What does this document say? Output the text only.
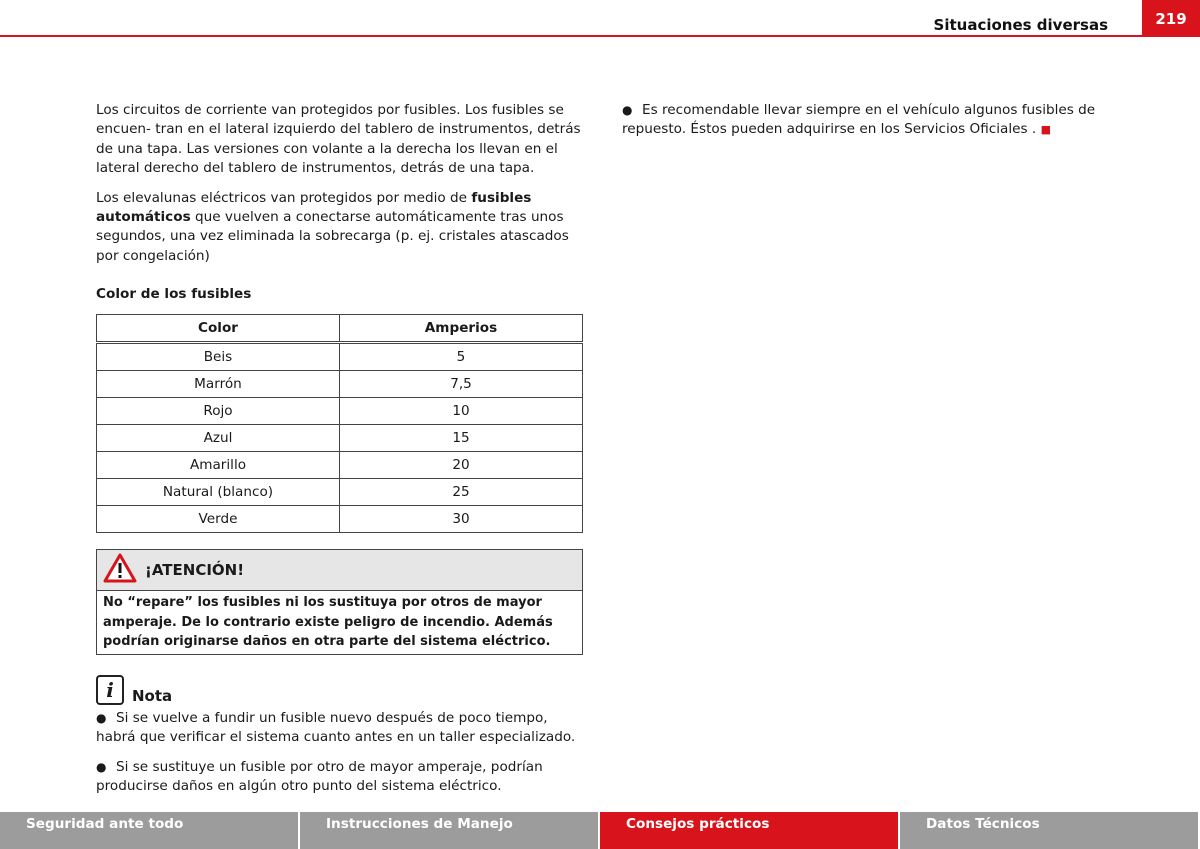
Situaciones diversas	219

Los circuitos de corriente van protegidos por fusibles. Los fusibles se encuen- tran en el lateral izquierdo del tablero de instrumentos, detrás de una tapa. Las versiones con volante a la derecha los llevan en el lateral derecho del tablero de instrumentos, detrás de una tapa.

Los elevalunas eléctricos van protegidos por medio de fusibles automáticos que vuelven a conectarse automáticamente tras unos segundos, una vez eliminada la sobrecarga (p. ej. cristales atascados por congelación)

Color de los fusibles
Color	Amperios
Beis	5
Marrón	7,5
Rojo	10
Azul	15
Amarillo	20
Natural (blanco)	25
Verde	30
¡ATENCIÓN!
No “repare” los fusibles ni los sustituya por otros de mayor amperaje. De lo contrario existe peligro de incendio. Además podrían originarse daños en otra parte del sistema eléctrico.
i	Nota

● Si se vuelve a fundir un fusible nuevo después de poco tiempo, habrá que verificar el sistema cuanto antes en un taller especializado.

● Si se sustituye un fusible por otro de mayor amperaje, podrían producirse daños en algún otro punto del sistema eléctrico.

● Es recomendable llevar siempre en el vehículo algunos fusibles de repuesto. Éstos pueden adquirirse en los Servicios Oficiales . ■

Seguridad ante todo	Instrucciones de Manejo	Consejos prácticos	Datos Técnicos
